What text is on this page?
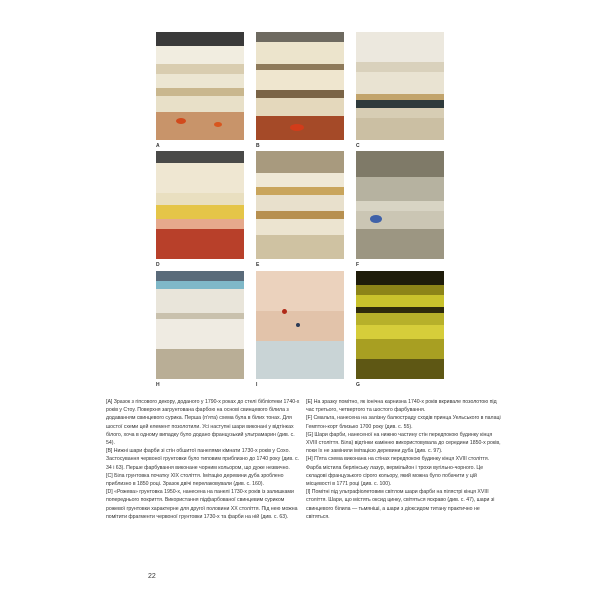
A	B	C
D	E	F
H	I	G

[A] Зразок з гіпсового декору, доданого у 1790-х роках до стелі бібліотеки 1740-х років у Стоу. Поверхня загрунтована фарбою на основі свинцевого білила з додаванням свинцевого сурика. Перша (п'ята) схема була в білих тонах. Для шостої схеми цей елемент позолотили. Усі наступні шари виконані у відтінках білого, хоча в одному випадку було додано французький ультрамарин (див. с. 54).

[B] Нижні шари фарби зі стін обшитої панелями кімнати 1730-х років у Сохо. Застосування червоної грунтовки було типовим приблизно до 1740 року (див. с. 34 і 63). Перше фарбування виконане чорним кольором, що дуже незвично.

[C] Біла грунтовка початку XIX століття. Імітацію деревини дуба зроблено приблизно в 1850 році. Зразок двічі перелаковували (див. с. 160).

[D] «Рожева» грунтовка 1950-х, нанесена на панелі 1730-х років із залишками попереднього покриття. Використання підфарбованої свинцевим суриком рожевої грунтовки характерне для другої половини XX століття. Під нею можна помітити фрагменти червоної грунтовки 1730-х та фарби на ній (див. с. 63).

[E] На зразку помітно, як іонічна карнизна 1740-х років вкривале позолотою під час третього, четвертого та шостого фарбування.

[F] Смальта, нанесена на залізну балюстраду сходів принца Уельського в палаці Гемптон-корт близько 1700 року (див. с. 55).

[G] Шари фарби, нанесеної на нижню частину стін передпокою будинку кінця XVIII століття. Біла) відтінки камінню використовувала до середини 1850-х років, поки їх не замінили імітацією деревини дуба (див. с. 97).

[H] П'ята схема виконана на стінах передпокою будинку кінця XVIII століття. Фарба містила берлінську лазур, вермільйон і трохи вугільно-чорного. Це складові французького сірого кольору, який можна було побачити у цій місцевості в 1771 році (див. с. 100).

[I] Помітні під ультрафіолетовим світлом шари фарби на пілястрі кінця XVIII століття. Шари, що містять оксид цинку, світяться яскраво (див. с. 47), шари зі свинцевого білила — тьмяніші, а шари з діоксидом титану практично не світяться.

22
